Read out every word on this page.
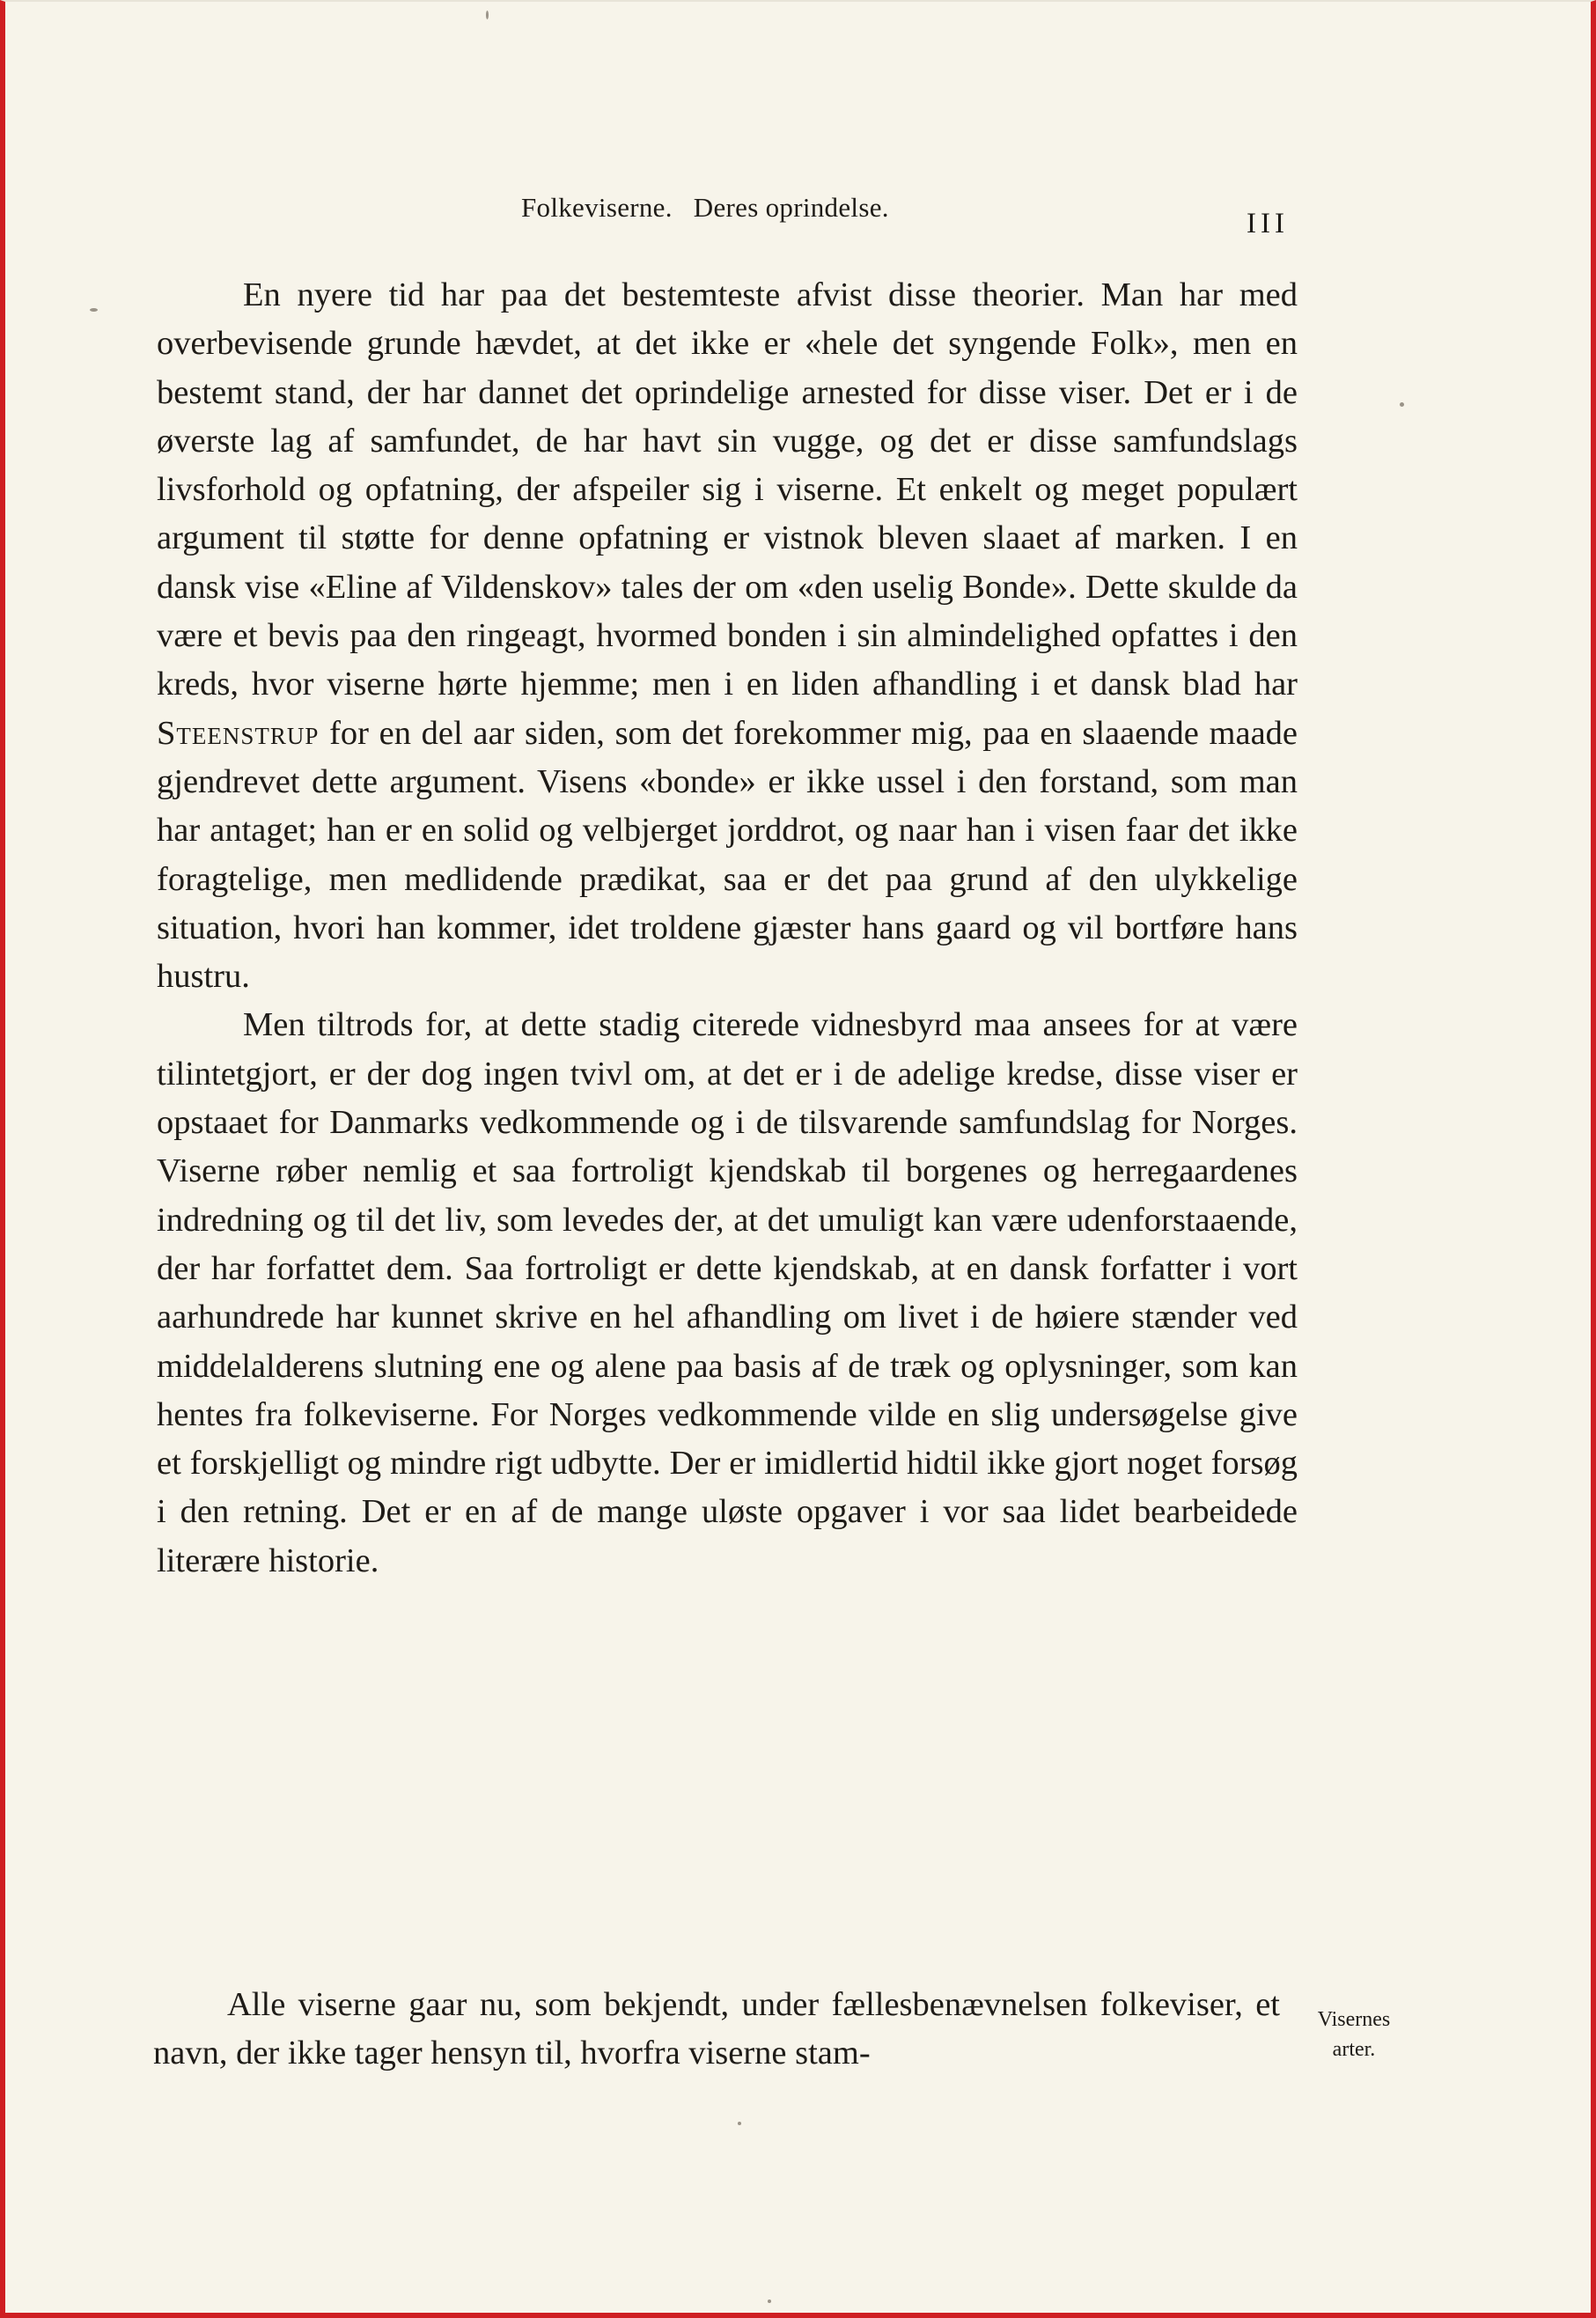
Folkeviserne. Deres oprindelse.
III

En nyere tid har paa det bestemteste afvist disse theorier. Man har med overbevisende grunde hævdet, at det ikke er «hele det syngende Folk», men en bestemt stand, der har dannet det oprindelige arnested for disse viser. Det er i de øverste lag af samfundet, de har havt sin vugge, og det er disse samfundslags livsforhold og opfatning, der afspeiler sig i viserne. Et enkelt og meget populært argument til støtte for denne opfatning er vistnok bleven slaaet af marken. I en dansk vise «Eline af Vildenskov» tales der om «den uselig Bonde». Dette skulde da være et bevis paa den ringeagt, hvormed bonden i sin almindelighed opfattes i den kreds, hvor viserne hørte hjemme; men i en liden afhandling i et dansk blad har Steenstrup for en del aar siden, som det forekommer mig, paa en slaaende maade gjendrevet dette argument. Visens «bonde» er ikke ussel i den forstand, som man har antaget; han er en solid og velbjerget jorddrot, og naar han i visen faar det ikke foragtelige, men medlidende prædikat, saa er det paa grund af den ulykkelige situation, hvori han kommer, idet troldene gjæster hans gaard og vil bortføre hans hustru.

Men tiltrods for, at dette stadig citerede vidnesbyrd maa ansees for at være tilintetgjort, er der dog ingen tvivl om, at det er i de adelige kredse, disse viser er opstaaet for Danmarks vedkommende og i de tilsvarende samfundslag for Norges. Viserne røber nemlig et saa fortroligt kjendskab til borgenes og herregaardenes indredning og til det liv, som levedes der, at det umuligt kan være udenforstaaende, der har forfattet dem. Saa fortroligt er dette kjendskab, at en dansk forfatter i vort aarhundrede har kunnet skrive en hel afhandling om livet i de høiere stænder ved middelalderens slutning ene og alene paa basis af de træk og oplysninger, som kan hentes fra folkeviserne. For Norges vedkommende vilde en slig undersøgelse give et forskjelligt og mindre rigt udbytte. Der er imidlertid hidtil ikke gjort noget forsøg i den retning. Det er en af de mange uløste opgaver i vor saa lidet bearbeidede literære historie.

Alle viserne gaar nu, som bekjendt, under fællesbenævnelsen folkeviser, et navn, der ikke tager hensyn til, hvorfra viserne stam-

Visernes
arter.
